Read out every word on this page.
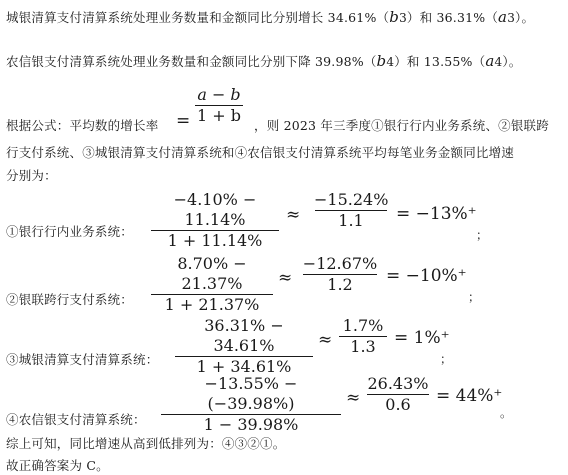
城银清算支付清算系统处理业务数量和金额同比分别增长 34.61%（b3）和 36.31%（a3）。
农信银支付清算系统处理业务数量和金额同比分别下降 39.98%（b4）和 13.55%（a4）。
根据公式：平均数的增长率 =
a − b
1 + b
，则 2023 年三季度①银行行内业务系统、②银联跨
行支付系统、③城银清算支付清算系统和④农信银支付清算系统平均每笔业务金额同比增速
分别为：
①银行行内业务系统：
−4.10% − 11.14%
1 + 11.14%
≈
−15.24%
1.1	= −13%⁺
；
②银联跨行支付系统：
8.70% − 21.37%
1 + 21.37%
≈
−12.67%
1.2	= −10%⁺
；
③城银清算支付清算系统：
36.31% − 34.61%
1 + 34.61%
≈
1.7%
1.3	= 1%⁺
；
④农信银支付清算系统：
−13.55% − (−39.98%)
1 − 39.98%
≈
26.43%
0.6	= 44%⁺
。
综上可知，同比增速从高到低排列为：④③②①。
故正确答案为 C。
